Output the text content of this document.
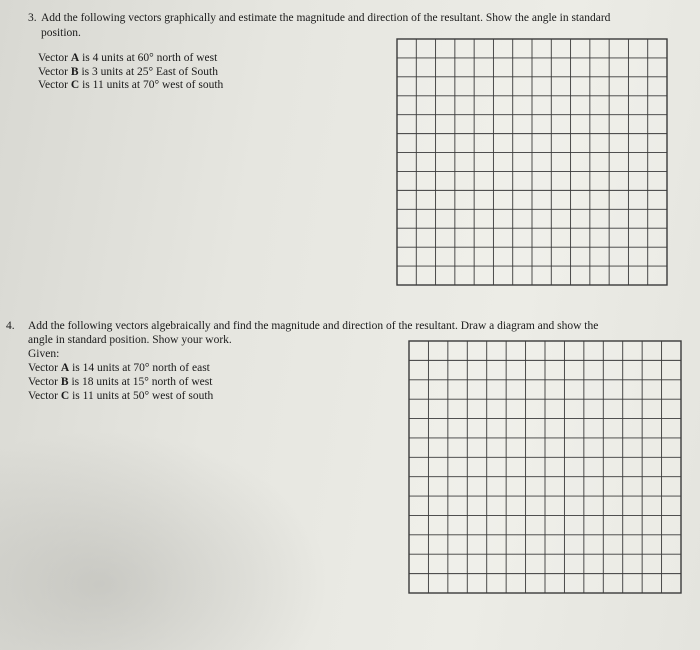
3. Add the following vectors graphically and estimate the magnitude and direction of the resultant. Show the angle in standard
position.
Vector A is 4 units at 60° north of west
Vector B is 3 units at 25° East of South
Vector C is 11 units at 70° west of south
4. Add the following vectors algebraically and find the magnitude and direction of the resultant. Draw a diagram and show the
angle in standard position. Show your work.
Given:
Vector A is 14 units at 70° north of east
Vector B is 18 units at 15° north of west
Vector C is 11 units at 50° west of south
